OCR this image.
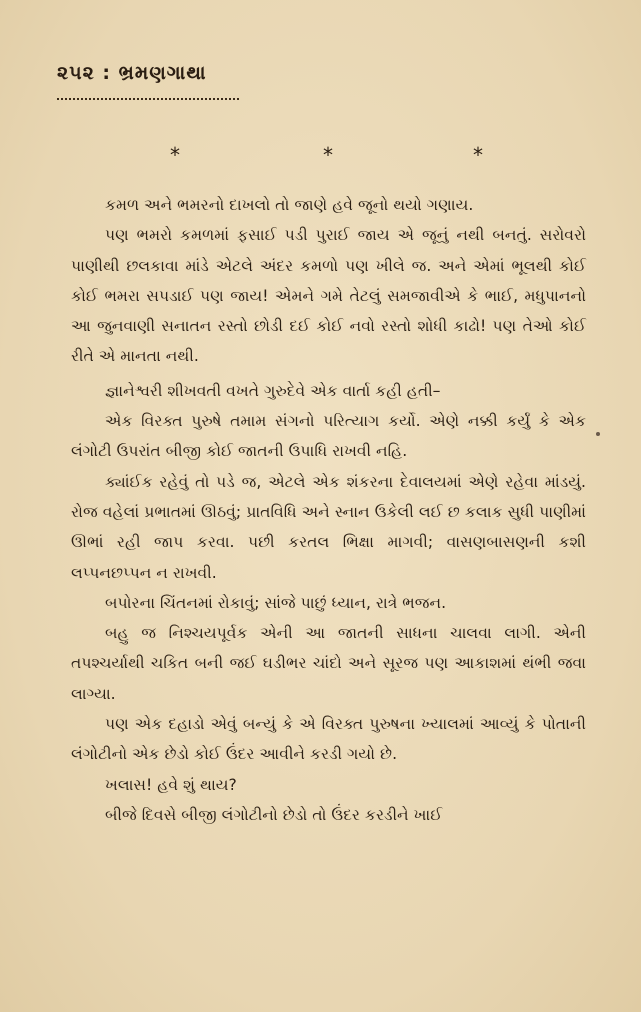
૨૫૨ : ભ્રમણગાથા
*	*	*

કમળ અને ભમરનો દાખલો તો જાણે હવે જૂનો થયો ગણાય.

પણ ભમરો કમળમાં ફસાઈ પડી પુરાઈ જાય એ જૂનું નથી બનતું. સરોવરો પાણીથી છલકાવા માંડે એટલે અંદર કમળો પણ ખીલે જ. અને એમાં ભૂલથી કોઈ કોઈ ભમરા સપડાઈ પણ જાય! એમને ગમે તેટલું સમજાવીએ કે ભાઈ, મધુપાનનો આ જુનવાણી સનાતન રસ્તો છોડી દઈ કોઈ નવો રસ્તો શોધી કાઢો! પણ તેઓ કોઈ રીતે એ માનતા નથી.

જ્ઞાનેશ્વરી શીખવતી વખતે ગુરુદેવે એક વાર્તા કહી હતી–

એક વિરક્ત પુરુષે તમામ સંગનો પરિત્યાગ કર્યો. એણે નક્કી કર્યું કે એક લંગોટી ઉપરાંત બીજી કોઈ જાતની ઉપાધિ રાખવી નહિ.

ક્યાંઈક રહેવું તો પડે જ, એટલે એક શંકરના દેવાલયમાં એણે રહેવા માંડયું. રોજ વહેલાં પ્રભાતમાં ઊઠવું; પ્રાતવિધિ અને સ્નાન ઉકેલી લઈ છ કલાક સુધી પાણીમાં ઊભાં રહી જાપ કરવા. પછી કરતલ ભિક્ષા માગવી; વાસણબાસણની કશી લપ્પનછપ્પન ન રાખવી.

બપોરના ચિંતનમાં રોકાવું; સાંજે પાછું ધ્યાન, રાત્રે ભજન.

બહુ જ નિશ્ચયપૂર્વક એની આ જાતની સાધના ચાલવા લાગી. એની તપશ્ચર્યાથી ચકિત બની જઈ ઘડીભર ચાંદો અને સૂરજ પણ આકાશમાં થંભી જવા લાગ્યા.

પણ એક દહાડો એવું બન્યું કે એ વિરક્ત પુરુષના ખ્યાલમાં આવ્યું કે પોતાની લંગોટીનો એક છેડો કોઈ ઉંદર આવીને કરડી ગયો છે.

ખલાસ! હવે શું થાય?

બીજે દિવસે બીજી લંગોટીનો છેડો તો ઉંદર કરડીને ખાઈ
